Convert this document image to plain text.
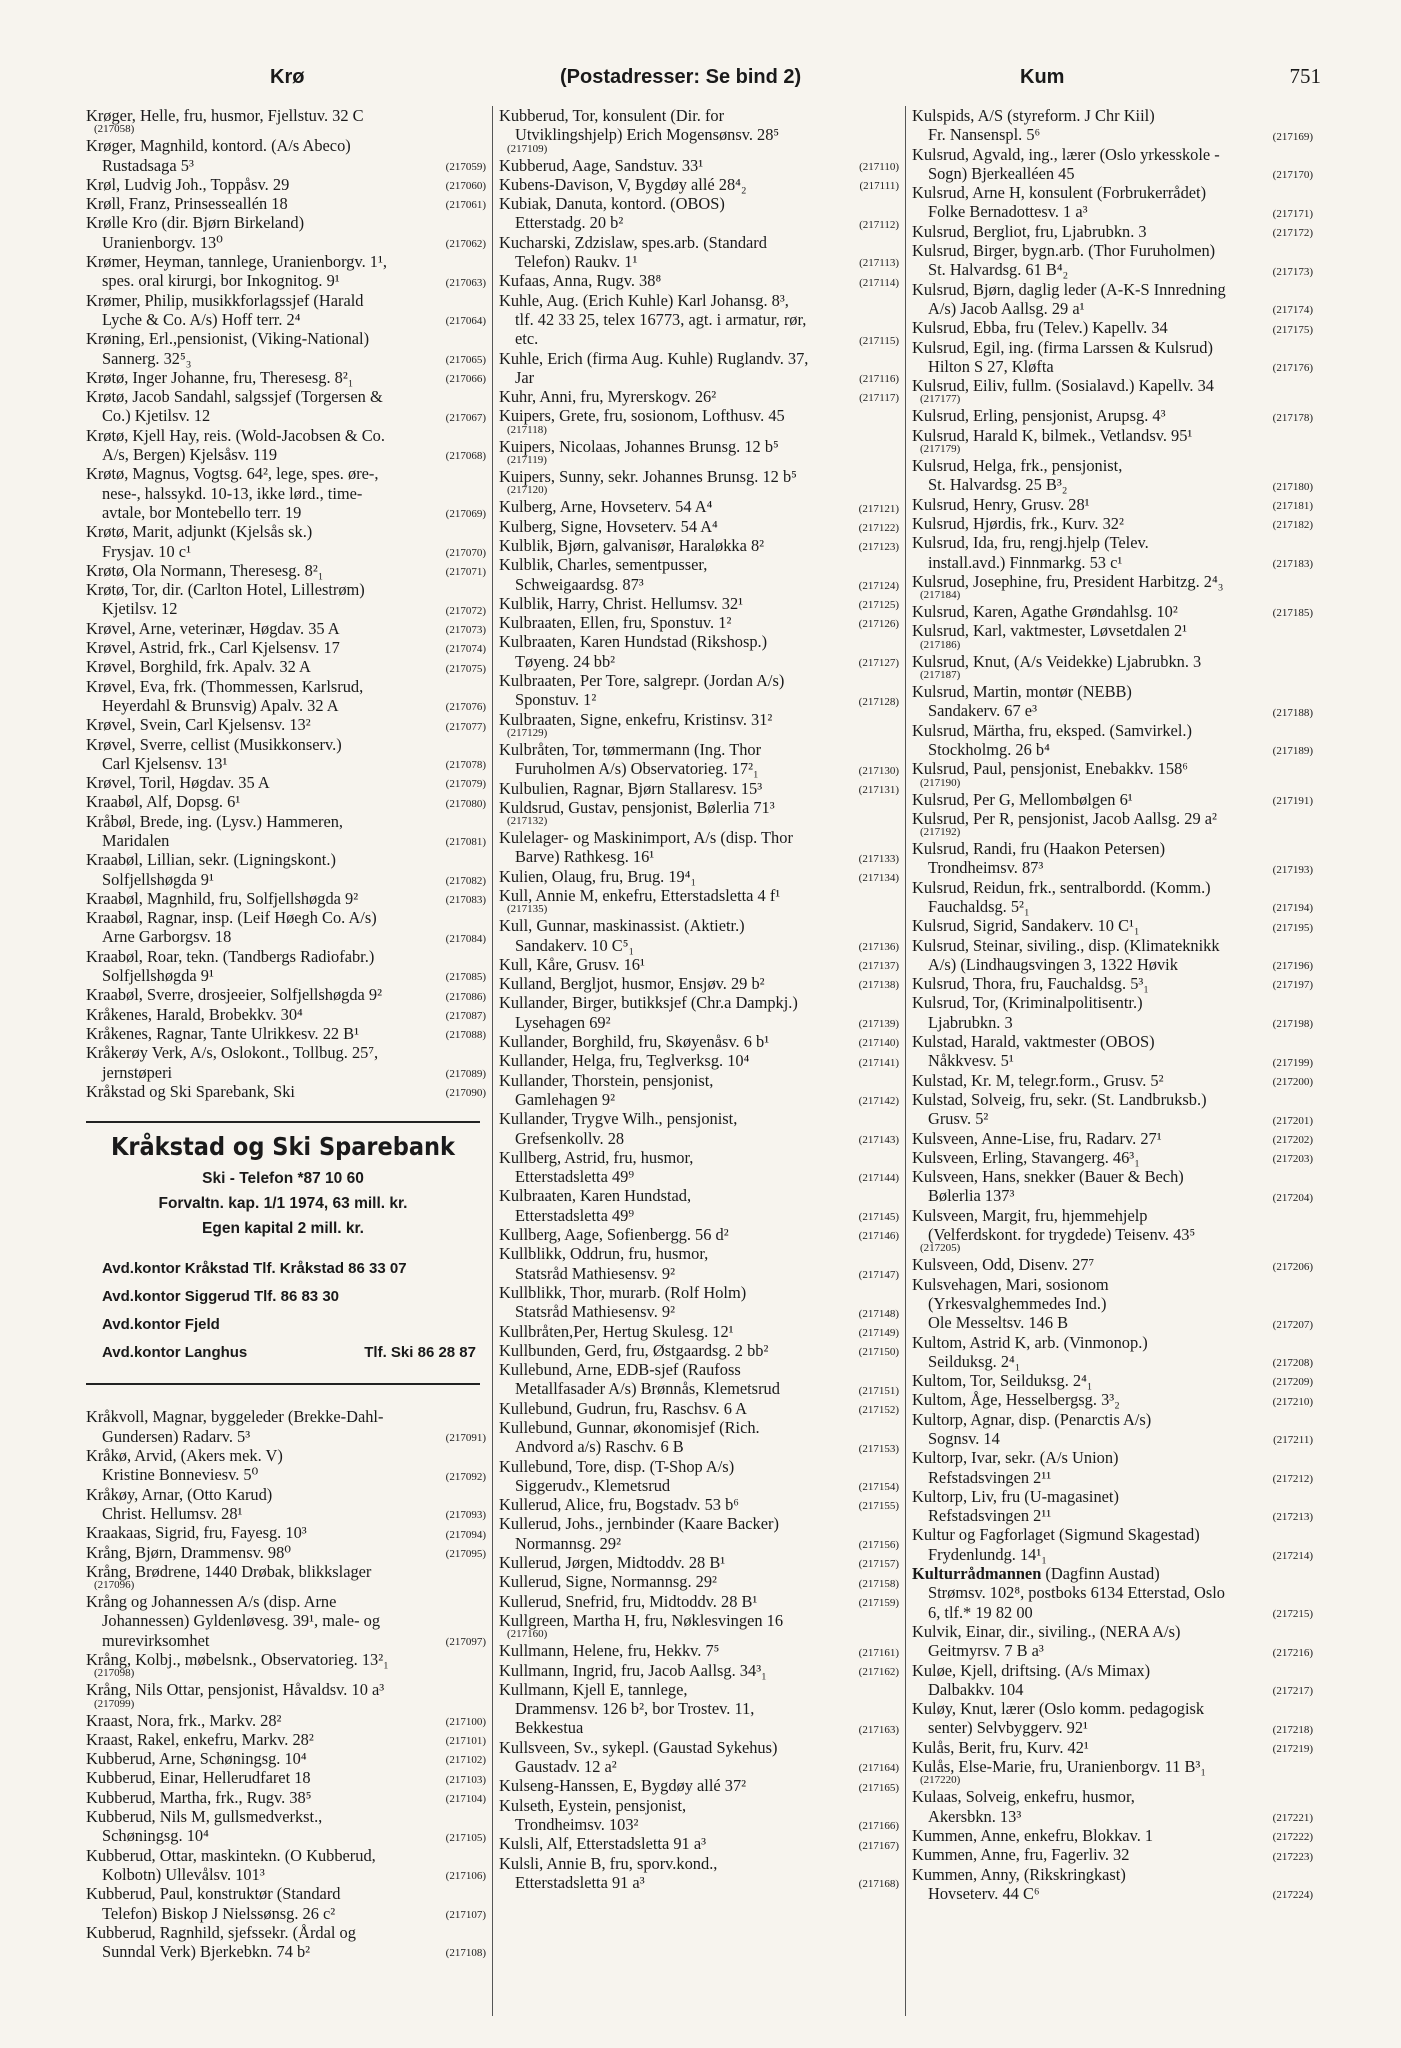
Krø	(Postadresser: Se bind 2)	Kum	751
Krøger, Helle, fru, husmor, Fjellstuv. 32 C
(217058)
Krøger, Magnhild, kontord. (A/s Abeco)
Rustadsaga 5³	(217059)
Krøl, Ludvig Joh., Toppåsv. 29	(217060)
Krøll, Franz, Prinsesseallén 18	(217061)
Krølle Kro (dir. Bjørn Birkeland)
Uranienborgv. 13⁰	(217062)
Krømer, Heyman, tannlege, Uranienborgv. 1¹,
spes. oral kirurgi, bor Inkognitog. 9¹	(217063)
Krømer, Philip, musikkforlagssjef (Harald
Lyche & Co. A/s) Hoff terr. 2⁴	(217064)
Krøning, Erl.,pensionist, (Viking-National)
Sannerg. 32⁵₃	(217065)
Krøtø, Inger Johanne, fru, Theresesg. 8²₁	(217066)
Krøtø, Jacob Sandahl, salgssjef (Torgersen &
Co.) Kjetilsv. 12	(217067)
Krøtø, Kjell Hay, reis. (Wold-Jacobsen & Co.
A/s, Bergen) Kjelsåsv. 119	(217068)
Krøtø, Magnus, Vogtsg. 64², lege, spes. øre-,
nese-, halssykd. 10-13, ikke lørd., time-
avtale, bor Montebello terr. 19	(217069)
Krøtø, Marit, adjunkt (Kjelsås sk.)
Frysjav. 10 c¹	(217070)
Krøtø, Ola Normann, Theresesg. 8²₁	(217071)
Krøtø, Tor, dir. (Carlton Hotel, Lillestrøm)
Kjetilsv. 12	(217072)
Krøvel, Arne, veterinær, Høgdav. 35 A	(217073)
Krøvel, Astrid, frk., Carl Kjelsensv. 17	(217074)
Krøvel, Borghild, frk. Apalv. 32 A	(217075)
Krøvel, Eva, frk. (Thommessen, Karlsrud,
Heyerdahl & Brunsvig) Apalv. 32 A	(217076)
Krøvel, Svein, Carl Kjelsensv. 13²	(217077)
Krøvel, Sverre, cellist (Musikkonserv.)
Carl Kjelsensv. 13¹	(217078)
Krøvel, Toril, Høgdav. 35 A	(217079)
Kraabøl, Alf, Dopsg. 6¹	(217080)
Kråbøl, Brede, ing. (Lysv.) Hammeren,
Maridalen	(217081)
Kraabøl, Lillian, sekr. (Ligningskont.)
Solfjellshøgda 9¹	(217082)
Kraabøl, Magnhild, fru, Solfjellshøgda 9²	(217083)
Kraabøl, Ragnar, insp. (Leif Høegh Co. A/s)
Arne Garborgsv. 18	(217084)
Kraabøl, Roar, tekn. (Tandbergs Radiofabr.)
Solfjellshøgda 9¹	(217085)
Kraabøl, Sverre, drosjeeier, Solfjellshøgda 9²	(217086)
Kråkenes, Harald, Brobekkv. 30⁴	(217087)
Kråkenes, Ragnar, Tante Ulrikkesv. 22 B¹	(217088)
Kråkerøy Verk, A/s, Oslokont., Tollbug. 25⁷,
jernstøperi	(217089)
Kråkstad og Ski Sparebank, Ski	(217090)
Kråkstad og Ski Sparebank
Ski - Telefon *87 10 60
Forvaltn. kap. 1/1 1974, 63 mill. kr.
Egen kapital 2 mill. kr.
Avd.kontor Kråkstad Tlf. Kråkstad 86 33 07
Avd.kontor Siggerud Tlf. 86 83 30
Avd.kontor Fjeld
Avd.kontor Langhus	Tlf. Ski 86 28 87
Kråkvoll, Magnar, byggeleder (Brekke-Dahl-
Gundersen) Radarv. 5³	(217091)
Kråkø, Arvid, (Akers mek. V)
Kristine Bonneviesv. 5⁰	(217092)
Kråkøy, Arnar, (Otto Karud)
Christ. Hellumsv. 28¹	(217093)
Kraakaas, Sigrid, fru, Fayesg. 10³	(217094)
Krång, Bjørn, Drammensv. 98⁰	(217095)
Krång, Brødrene, 1440 Drøbak, blikkslager
(217096)
Krång og Johannessen A/s (disp. Arne
Johannessen) Gyldenløvesg. 39¹, male- og
murevirksomhet	(217097)
Krång, Kolbj., møbelsnk., Observatorieg. 13²₁
(217098)
Krång, Nils Ottar, pensjonist, Håvaldsv. 10 a³
(217099)
Kraast, Nora, frk., Markv. 28²	(217100)
Kraast, Rakel, enkefru, Markv. 28²	(217101)
Kubberud, Arne, Schøningsg. 10⁴	(217102)
Kubberud, Einar, Hellerudfaret 18	(217103)
Kubberud, Martha, frk., Rugv. 38⁵	(217104)
Kubberud, Nils M, gullsmedverkst.,
Schøningsg. 10⁴	(217105)
Kubberud, Ottar, maskintekn. (O Kubberud,
Kolbotn) Ullevålsv. 101³	(217106)
Kubberud, Paul, konstruktør (Standard
Telefon) Biskop J Nielssønsg. 26 c²	(217107)
Kubberud, Ragnhild, sjefssekr. (Årdal og
Sunndal Verk) Bjerkebkn. 74 b²	(217108)
Kubberud, Tor, konsulent (Dir. for
Utviklingshjelp) Erich Mogensønsv. 28⁵
(217109)
Kubberud, Aage, Sandstuv. 33¹	(217110)
Kubens-Davison, V, Bygdøy allé 28⁴₂	(217111)
Kubiak, Danuta, kontord. (OBOS)
Etterstadg. 20 b²	(217112)
Kucharski, Zdzislaw, spes.arb. (Standard
Telefon) Raukv. 1¹	(217113)
Kufaas, Anna, Rugv. 38⁸	(217114)
Kuhle, Aug. (Erich Kuhle) Karl Johansg. 8³,
tlf. 42 33 25, telex 16773, agt. i armatur, rør,
etc.	(217115)
Kuhle, Erich (firma Aug. Kuhle) Ruglandv. 37,
Jar	(217116)
Kuhr, Anni, fru, Myrerskogv. 26²	(217117)
Kuipers, Grete, fru, sosionom, Lofthusv. 45
(217118)
Kuipers, Nicolaas, Johannes Brunsg. 12 b⁵
(217119)
Kuipers, Sunny, sekr. Johannes Brunsg. 12 b⁵
(217120)
Kulberg, Arne, Hovseterv. 54 A⁴	(217121)
Kulberg, Signe, Hovseterv. 54 A⁴	(217122)
Kulblik, Bjørn, galvanisør, Haraløkka 8²	(217123)
Kulblik, Charles, sementpusser,
Schweigaardsg. 87³	(217124)
Kulblik, Harry, Christ. Hellumsv. 32¹	(217125)
Kulbraaten, Ellen, fru, Sponstuv. 1²	(217126)
Kulbraaten, Karen Hundstad (Rikshosp.)
Tøyeng. 24 bb²	(217127)
Kulbraaten, Per Tore, salgrepr. (Jordan A/s)
Sponstuv. 1²	(217128)
Kulbraaten, Signe, enkefru, Kristinsv. 31²
(217129)
Kulbråten, Tor, tømmermann (Ing. Thor
Furuholmen A/s) Observatorieg. 17²₁	(217130)
Kulbulien, Ragnar, Bjørn Stallaresv. 15³	(217131)
Kuldsrud, Gustav, pensjonist, Bølerlia 71³
(217132)
Kulelager- og Maskinimport, A/s (disp. Thor
Barve) Rathkesg. 16¹	(217133)
Kulien, Olaug, fru, Brug. 19⁴₁	(217134)
Kull, Annie M, enkefru, Etterstadsletta 4 f¹
(217135)
Kull, Gunnar, maskinassist. (Aktietr.)
Sandakerv. 10 C⁵₁	(217136)
Kull, Kåre, Grusv. 16¹	(217137)
Kulland, Bergljot, husmor, Ensjøv. 29 b²	(217138)
Kullander, Birger, butikksjef (Chr.a Dampkj.)
Lysehagen 69²	(217139)
Kullander, Borghild, fru, Skøyenåsv. 6 b¹	(217140)
Kullander, Helga, fru, Teglverksg. 10⁴	(217141)
Kullander, Thorstein, pensjonist,
Gamlehagen 9²	(217142)
Kullander, Trygve Wilh., pensjonist,
Grefsenkollv. 28	(217143)
Kullberg, Astrid, fru, husmor,
Etterstadsletta 49⁹	(217144)
Kulbraaten, Karen Hundstad,
Etterstadsletta 49⁹	(217145)
Kullberg, Aage, Sofienbergg. 56 d²	(217146)
Kullblikk, Oddrun, fru, husmor,
Statsråd Mathiesensv. 9²	(217147)
Kullblikk, Thor, murarb. (Rolf Holm)
Statsråd Mathiesensv. 9²	(217148)
Kullbråten,Per, Hertug Skulesg. 12¹	(217149)
Kullbunden, Gerd, fru, Østgaardsg. 2 bb²	(217150)
Kullebund, Arne, EDB-sjef (Raufoss
Metallfasader A/s) Brønnås, Klemetsrud	(217151)
Kullebund, Gudrun, fru, Raschsv. 6 A	(217152)
Kullebund, Gunnar, økonomisjef (Rich.
Andvord a/s) Raschv. 6 B	(217153)
Kullebund, Tore, disp. (T-Shop A/s)
Siggerudv., Klemetsrud	(217154)
Kullerud, Alice, fru, Bogstadv. 53 b⁶	(217155)
Kullerud, Johs., jernbinder (Kaare Backer)
Normannsg. 29²	(217156)
Kullerud, Jørgen, Midtoddv. 28 B¹	(217157)
Kullerud, Signe, Normannsg. 29²	(217158)
Kullerud, Snefrid, fru, Midtoddv. 28 B¹	(217159)
Kullgreen, Martha H, fru, Nøklesvingen 16
(217160)
Kullmann, Helene, fru, Hekkv. 7⁵	(217161)
Kullmann, Ingrid, fru, Jacob Aallsg. 34³₁	(217162)
Kullmann, Kjell E, tannlege,
Drammensv. 126 b², bor Trostev. 11,
Bekkestua	(217163)
Kullsveen, Sv., sykepl. (Gaustad Sykehus)
Gaustadv. 12 a²	(217164)
Kulseng-Hanssen, E, Bygdøy allé 37²	(217165)
Kulseth, Eystein, pensjonist,
Trondheimsv. 103²	(217166)
Kulsli, Alf, Etterstadsletta 91 a³	(217167)
Kulsli, Annie B, fru, sporv.kond.,
Etterstadsletta 91 a³	(217168)
Kulspids, A/S (styreform. J Chr Kiil)
Fr. Nansenspl. 5⁶	(217169)
Kulsrud, Agvald, ing., lærer (Oslo yrkesskole -
Sogn) Bjerkealléen 45	(217170)
Kulsrud, Arne H, konsulent (Forbrukerrådet)
Folke Bernadottesv. 1 a³	(217171)
Kulsrud, Bergliot, fru, Ljabrubkn. 3	(217172)
Kulsrud, Birger, bygn.arb. (Thor Furuholmen)
St. Halvardsg. 61 B⁴₂	(217173)
Kulsrud, Bjørn, daglig leder (A-K-S Innredning
A/s) Jacob Aallsg. 29 a¹	(217174)
Kulsrud, Ebba, fru (Telev.) Kapellv. 34	(217175)
Kulsrud, Egil, ing. (firma Larssen & Kulsrud)
Hilton S 27, Kløfta	(217176)
Kulsrud, Eiliv, fullm. (Sosialavd.) Kapellv. 34
(217177)
Kulsrud, Erling, pensjonist, Arupsg. 4³	(217178)
Kulsrud, Harald K, bilmek., Vetlandsv. 95¹
(217179)
Kulsrud, Helga, frk., pensjonist,
St. Halvardsg. 25 B³₂	(217180)
Kulsrud, Henry, Grusv. 28¹	(217181)
Kulsrud, Hjørdis, frk., Kurv. 32²	(217182)
Kulsrud, Ida, fru, rengj.hjelp (Telev.
install.avd.) Finnmarkg. 53 c¹	(217183)
Kulsrud, Josephine, fru, President Harbitzg. 2⁴₃
(217184)
Kulsrud, Karen, Agathe Grøndahlsg. 10²	(217185)
Kulsrud, Karl, vaktmester, Løvsetdalen 2¹
(217186)
Kulsrud, Knut, (A/s Veidekke) Ljabrubkn. 3
(217187)
Kulsrud, Martin, montør (NEBB)
Sandakerv. 67 e³	(217188)
Kulsrud, Märtha, fru, eksped. (Samvirkel.)
Stockholmg. 26 b⁴	(217189)
Kulsrud, Paul, pensjonist, Enebakkv. 158⁶
(217190)
Kulsrud, Per G, Mellombølgen 6¹	(217191)
Kulsrud, Per R, pensjonist, Jacob Aallsg. 29 a²
(217192)
Kulsrud, Randi, fru (Haakon Petersen)
Trondheimsv. 87³	(217193)
Kulsrud, Reidun, frk., sentralbordd. (Komm.)
Fauchaldsg. 5²₁	(217194)
Kulsrud, Sigrid, Sandakerv. 10 C¹₁	(217195)
Kulsrud, Steinar, siviling., disp. (Klimateknikk
A/s) (Lindhaugsvingen 3, 1322 Høvik	(217196)
Kulsrud, Thora, fru, Fauchaldsg. 5³₁	(217197)
Kulsrud, Tor, (Kriminalpolitisentr.)
Ljabrubkn. 3	(217198)
Kulstad, Harald, vaktmester (OBOS)
Nåkkvesv. 5¹	(217199)
Kulstad, Kr. M, telegr.form., Grusv. 5²	(217200)
Kulstad, Solveig, fru, sekr. (St. Landbruksb.)
Grusv. 5²	(217201)
Kulsveen, Anne-Lise, fru, Radarv. 27¹	(217202)
Kulsveen, Erling, Stavangerg. 46³₁	(217203)
Kulsveen, Hans, snekker (Bauer & Bech)
Bølerlia 137³	(217204)
Kulsveen, Margit, fru, hjemmehjelp
(Velferdskont. for trygdede) Teisenv. 43⁵
(217205)
Kulsveen, Odd, Disenv. 27⁷	(217206)
Kulsvehagen, Mari, sosionom
(Yrkesvalghemmedes Ind.)
Ole Messeltsv. 146 B	(217207)
Kultom, Astrid K, arb. (Vinmonop.)
Seilduksg. 2⁴₁	(217208)
Kultom, Tor, Seilduksg. 2⁴₁	(217209)
Kultom, Åge, Hesselbergsg. 3³₂	(217210)
Kultorp, Agnar, disp. (Penarctis A/s)
Sognsv. 14	(217211)
Kultorp, Ivar, sekr. (A/s Union)
Refstadsvingen 2¹¹	(217212)
Kultorp, Liv, fru (U-magasinet)
Refstadsvingen 2¹¹	(217213)
Kultur og Fagforlaget (Sigmund Skagestad)
Frydenlundg. 14¹₁	(217214)
Kulturrådmannen (Dagfinn Austad)
Strømsv. 102⁸, postboks 6134 Etterstad, Oslo
6, tlf.* 19 82 00	(217215)
Kulvik, Einar, dir., siviling., (NERA A/s)
Geitmyrsv. 7 B a³	(217216)
Kuløe, Kjell, driftsing. (A/s Mimax)
Dalbakkv. 104	(217217)
Kuløy, Knut, lærer (Oslo komm. pedagogisk
senter) Selvbyggerv. 92¹	(217218)
Kulås, Berit, fru, Kurv. 42¹	(217219)
Kulås, Else-Marie, fru, Uranienborgv. 11 B³₁
(217220)
Kulaas, Solveig, enkefru, husmor,
Akersbkn. 13³	(217221)
Kummen, Anne, enkefru, Blokkav. 1	(217222)
Kummen, Anne, fru, Fagerliv. 32	(217223)
Kummen, Anny, (Rikskringkast)
Hovseterv. 44 C⁶	(217224)
